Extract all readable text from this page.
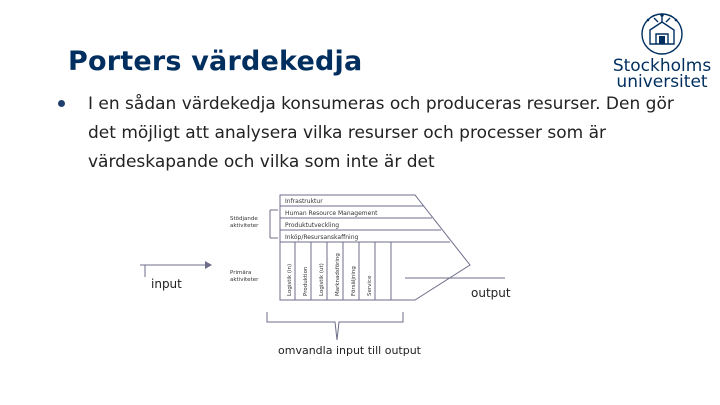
Porters värdekedja	Stockholms
universitet
I en sådan värdekedja konsumeras och produceras resurser. Den gör det möjligt att analysera vilka resurser och processer som är värdeskapande och vilka som inte är det
Infrastruktur
Human Resource Management
Produktutveckling
Inköp/Resursanskaffning
Stödjande
aktiviteter
Primära
aktiviteter	Logistik (in) Produktion Logistik (ut) Marknadsföring Försäljning Service
input
output
omvandla input till output
